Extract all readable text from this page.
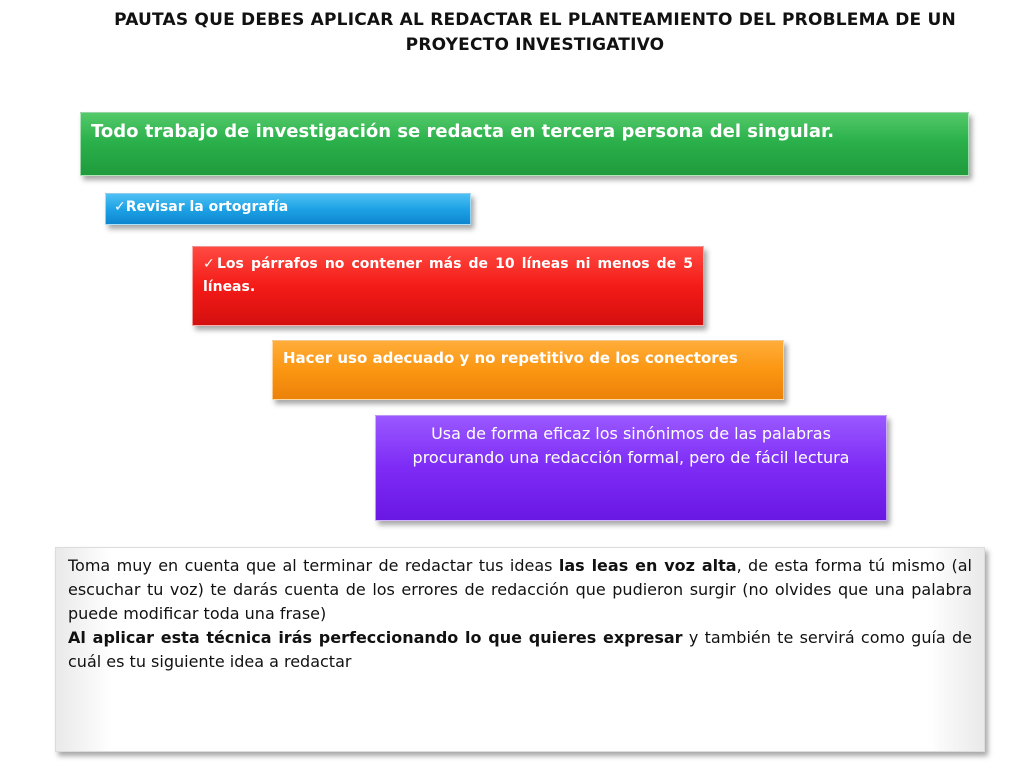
PAUTAS QUE DEBES APLICAR AL REDACTAR EL PLANTEAMIENTO DEL PROBLEMA DE UN PROYECTO INVESTIGATIVO
Todo trabajo de investigación se redacta en tercera persona del singular.
✓Revisar la ortografía
✓Los párrafos no contener más de 10 líneas ni menos de 5 líneas.
Hacer uso adecuado y no repetitivo de los conectores
Usa de forma eficaz los sinónimos de las palabras procurando una redacción formal, pero de fácil lectura
Toma muy en cuenta que al terminar de redactar tus ideas las leas en voz alta, de esta forma tú mismo (al escuchar tu voz) te darás cuenta de los errores de redacción que pudieron surgir (no olvides que una palabra puede modificar toda una frase)
Al aplicar esta técnica irás perfeccionando lo que quieres expresar y también te servirá como guía de cuál es tu siguiente idea a redactar
